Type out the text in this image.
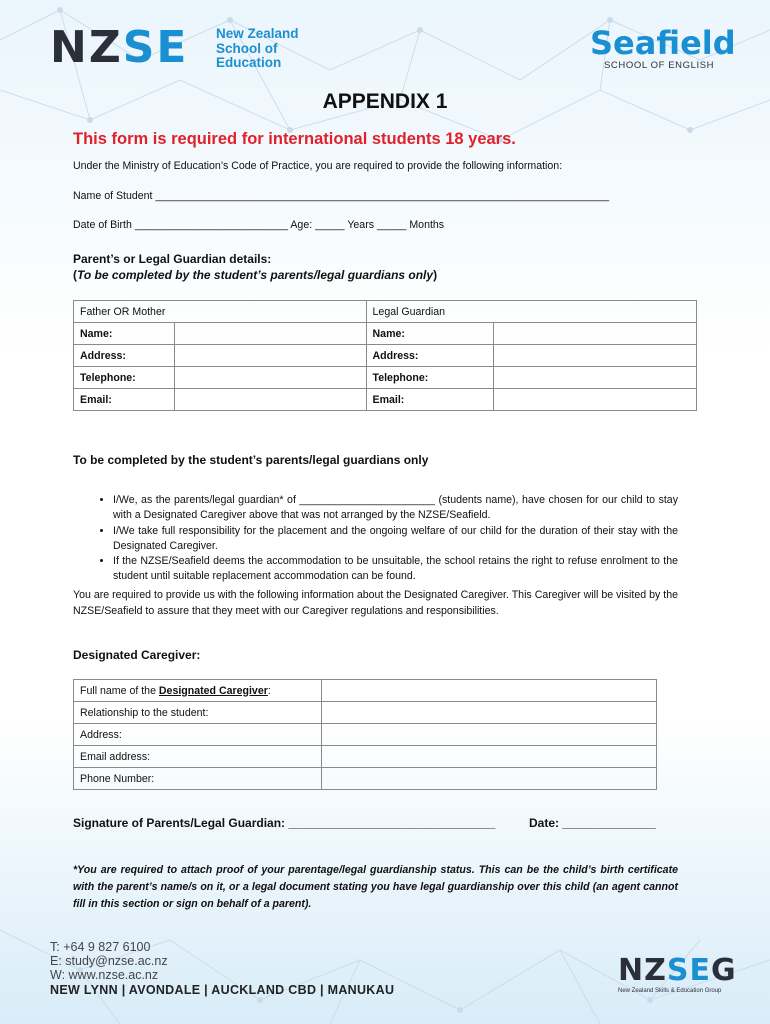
NZSE New Zealand
School of
Education
Seafield
SCHOOL OF ENGLISH
APPENDIX 1
This form is required for international students 18 years.
Under the Ministry of Education’s Code of Practice, you are required to provide the following information:
Name of Student _____________________________________________________________________________
Date of Birth __________________________ Age: _____ Years _____ Months
Parent’s or Legal Guardian details:
(To be completed by the student’s parents/legal guardians only)
Father OR Mother		Legal Guardian	
Name:		Name:	
Address:		Address:	
Telephone:		Telephone:	
Email:		Email:	
To be completed by the student’s parents/legal guardians only
• I/We, as the parents/legal guardian* of _______________________ (students name), have chosen for our child to stay with a Designated Caregiver above that was not arranged by the NZSE/Seafield.
• I/We take full responsibility for the placement and the ongoing welfare of our child for the duration of their stay with the Designated Caregiver.
• If the NZSE/Seafield deems the accommodation to be unsuitable, the school retains the right to refuse enrolment to the student until suitable replacement accommodation can be found.
You are required to provide us with the following information about the Designated Caregiver. This Caregiver will be visited by the NZSE/Seafield to assure that they meet with our Caregiver regulations and responsibilities.
Designated Caregiver:
Full name of the Designated Caregiver:	
Relationship to the student:	
Address:	
Email address:	
Phone Number:	
Signature of Parents/Legal Guardian: _______________________________	Date: ______________
*You are required to attach proof of your parentage/legal guardianship status. This can be the child’s birth certificate with the parent’s name/s on it, or a legal document stating you have legal guardianship over this child (an agent cannot fill in this section or sign on behalf of a parent).
T: +64 9 827 6100
E: study@nzse.ac.nz
W: www.nzse.ac.nz
NEW LYNN | AVONDALE | AUCKLAND CBD | MANUKAU
NZSEG
New Zealand Skills & Education Group
